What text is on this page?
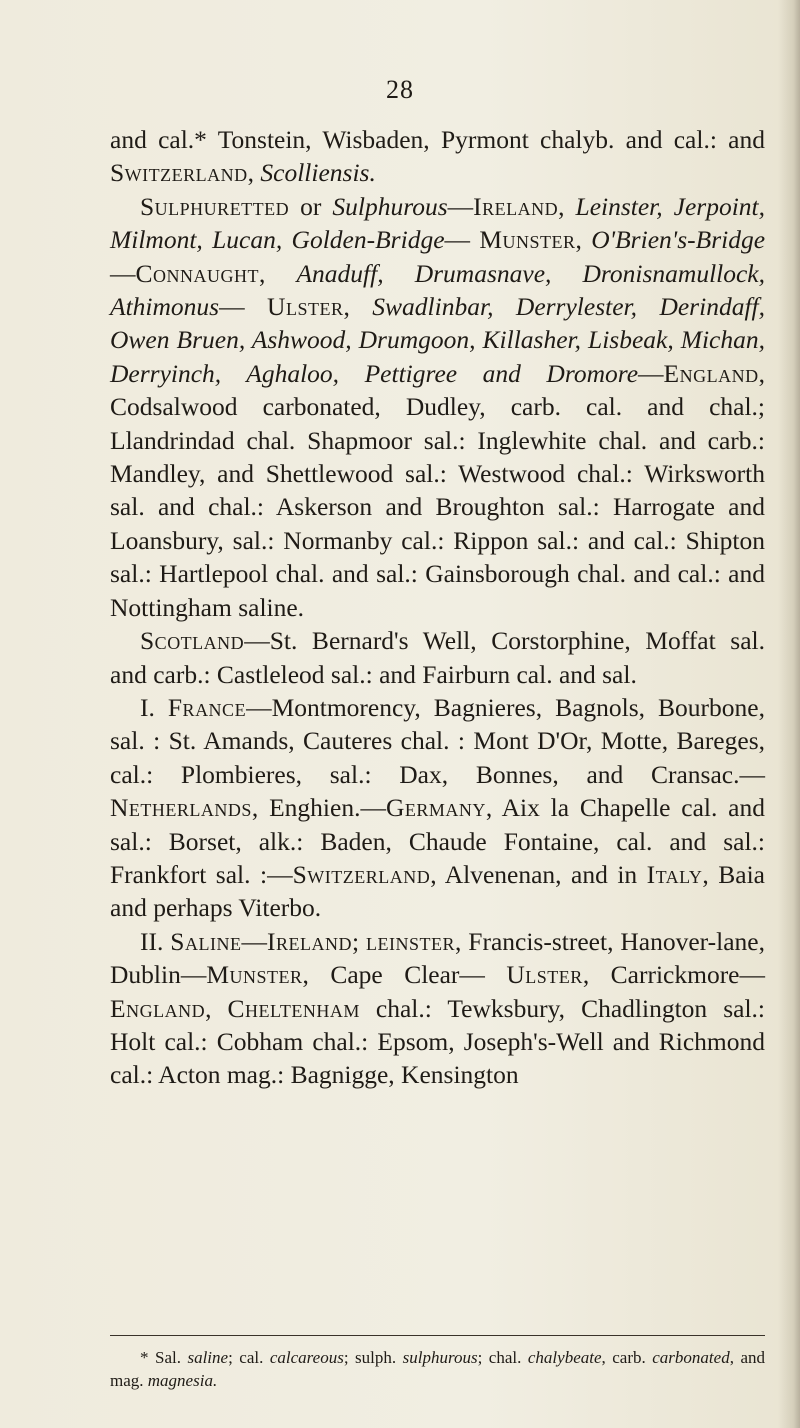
28

and cal.* Tonstein, Wisbaden, Pyrmont chalyb. and cal.: and Switzerland, Scolliensis.

Sulphuretted or Sulphurous—Ireland, Leinster, Jerpoint, Milmont, Lucan, Golden-Bridge— Munster, O'Brien's-Bridge—Connaught, Anaduff, Drumasnave, Dronisnamullock, Athimonus— Ulster, Swadlinbar, Derrylester, Derindaff, Owen Bruen, Ashwood, Drumgoon, Killasher, Lisbeak, Michan, Derryinch, Aghaloo, Pettigree and Dromore—England, Codsalwood carbonated, Dudley, carb. cal. and chal.; Llandrindad chal. Shapmoor sal.: Inglewhite chal. and carb.: Mandley, and Shettlewood sal.: Westwood chal.: Wirksworth sal. and chal.: Askerson and Broughton sal.: Harrogate and Loansbury, sal.: Normanby cal.: Rippon sal.: and cal.: Shipton sal.: Hartlepool chal. and sal.: Gainsborough chal. and cal.: and Nottingham saline.

Scotland—St. Bernard's Well, Corstorphine, Moffat sal. and carb.: Castleleod sal.: and Fairburn cal. and sal.

I. France—Montmorency, Bagnieres, Bagnols, Bourbone, sal. : St. Amands, Cauteres chal. : Mont D'Or, Motte, Bareges, cal.: Plombieres, sal.: Dax, Bonnes, and Cransac.—Netherlands, Enghien.—Germany, Aix la Chapelle cal. and sal.: Borset, alk.: Baden, Chaude Fontaine, cal. and sal.: Frankfort sal. :—Switzerland, Alvenenan, and in Italy, Baia and perhaps Viterbo.

II. Saline—Ireland; leinster, Francis-street, Hanover-lane, Dublin—Munster, Cape Clear— Ulster, Carrickmore—England, Cheltenham chal.: Tewksbury, Chadlington sal.: Holt cal.: Cobham chal.: Epsom, Joseph's-Well and Richmond cal.: Acton mag.: Bagnigge, Kensington

* Sal. saline; cal. calcareous; sulph. sulphurous; chal. chalybeate, carb. carbonated, and mag. magnesia.
